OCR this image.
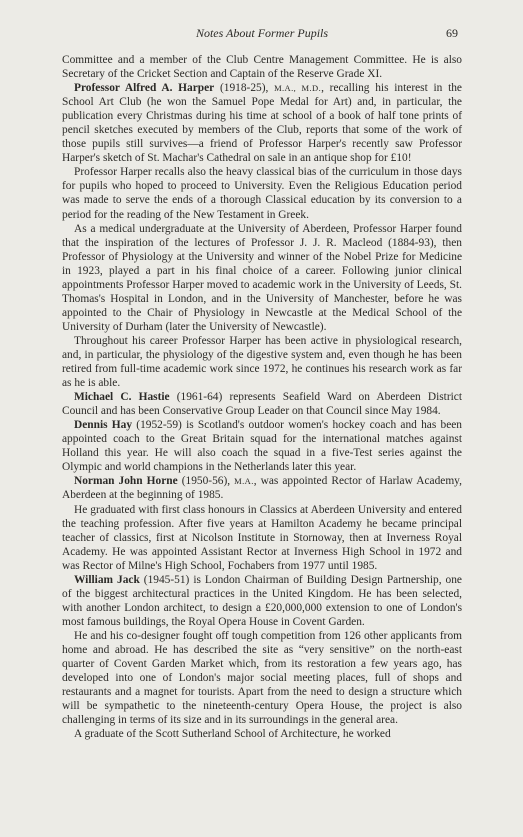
Notes About Former Pupils	69

Committee and a member of the Club Centre Management Committee. He is also Secretary of the Cricket Section and Captain of the Reserve Grade XI.

Professor Alfred A. Harper (1918-25), M.A., M.D., recalling his interest in the School Art Club (he won the Samuel Pope Medal for Art) and, in particular, the publication every Christmas during his time at school of a book of half tone prints of pencil sketches executed by members of the Club, reports that some of the work of those pupils still survives—a friend of Professor Harper's recently saw Professor Harper's sketch of St. Machar's Cathedral on sale in an antique shop for £10!

Professor Harper recalls also the heavy classical bias of the curriculum in those days for pupils who hoped to proceed to University. Even the Religious Education period was made to serve the ends of a thorough Classical education by its conversion to a period for the reading of the New Testament in Greek.

As a medical undergraduate at the University of Aberdeen, Professor Harper found that the inspiration of the lectures of Professor J. J. R. Macleod (1884-93), then Professor of Physiology at the University and winner of the Nobel Prize for Medicine in 1923, played a part in his final choice of a career. Following junior clinical appointments Professor Harper moved to academic work in the University of Leeds, St. Thomas's Hospital in London, and in the University of Manchester, before he was appointed to the Chair of Physiology in Newcastle at the Medical School of the University of Durham (later the University of Newcastle).

Throughout his career Professor Harper has been active in physiological research, and, in particular, the physiology of the digestive system and, even though he has been retired from full-time academic work since 1972, he continues his research work as far as he is able.

Michael C. Hastie (1961-64) represents Seafield Ward on Aberdeen District Council and has been Conservative Group Leader on that Council since May 1984.

Dennis Hay (1952-59) is Scotland's outdoor women's hockey coach and has been appointed coach to the Great Britain squad for the international matches against Holland this year. He will also coach the squad in a five-Test series against the Olympic and world champions in the Netherlands later this year.

Norman John Horne (1950-56), M.A., was appointed Rector of Harlaw Academy, Aberdeen at the beginning of 1985.

He graduated with first class honours in Classics at Aberdeen University and entered the teaching profession. After five years at Hamilton Academy he became principal teacher of classics, first at Nicolson Institute in Stornoway, then at Inverness Royal Academy. He was appointed Assistant Rector at Inverness High School in 1972 and was Rector of Milne's High School, Fochabers from 1977 until 1985.

William Jack (1945-51) is London Chairman of Building Design Partnership, one of the biggest architectural practices in the United Kingdom. He has been selected, with another London architect, to design a £20,000,000 extension to one of London's most famous buildings, the Royal Opera House in Covent Garden.

He and his co-designer fought off tough competition from 126 other applicants from home and abroad. He has described the site as “very sensitive” on the north-east quarter of Covent Garden Market which, from its restoration a few years ago, has developed into one of London's major social meeting places, full of shops and restaurants and a magnet for tourists. Apart from the need to design a structure which will be sympathetic to the nineteenth-century Opera House, the project is also challenging in terms of its size and in its surroundings in the general area.

A graduate of the Scott Sutherland School of Architecture, he worked
